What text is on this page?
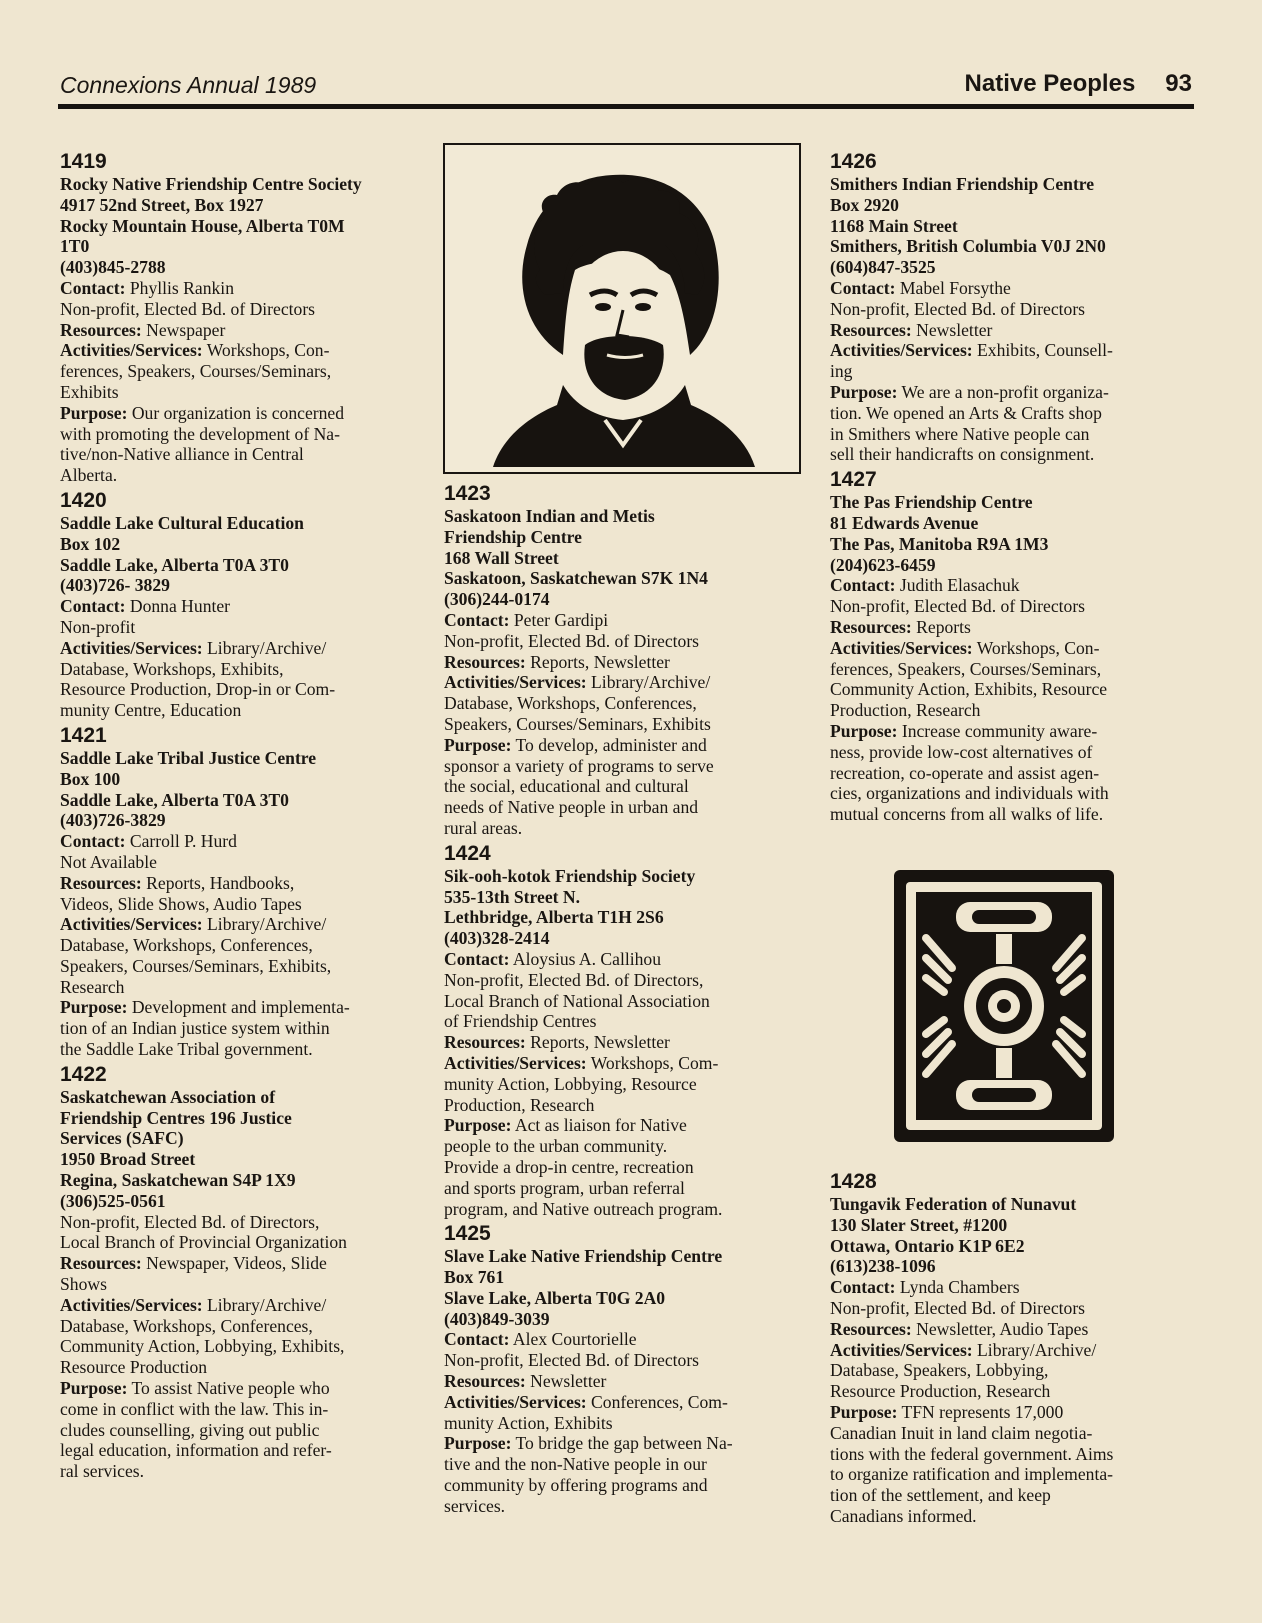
Connexions Annual 1989	Native Peoples 93
1419
Rocky Native Friendship Centre Society
4917 52nd Street, Box 1927
Rocky Mountain House, Alberta T0M
1T0
(403)845-2788
Contact: Phyllis Rankin
Non-profit, Elected Bd. of Directors
Resources: Newspaper
Activities/Services: Workshops, Con-
ferences, Speakers, Courses/Seminars,
Exhibits
Purpose: Our organization is concerned
with promoting the development of Na-
tive/non-Native alliance in Central
Alberta.
1420
Saddle Lake Cultural Education
Box 102
Saddle Lake, Alberta T0A 3T0
(403)726- 3829
Contact: Donna Hunter
Non-profit
Activities/Services: Library/Archive/
Database, Workshops, Exhibits,
Resource Production, Drop-in or Com-
munity Centre, Education
1421
Saddle Lake Tribal Justice Centre
Box 100
Saddle Lake, Alberta T0A 3T0
(403)726-3829
Contact: Carroll P. Hurd
Not Available
Resources: Reports, Handbooks,
Videos, Slide Shows, Audio Tapes
Activities/Services: Library/Archive/
Database, Workshops, Conferences,
Speakers, Courses/Seminars, Exhibits,
Research
Purpose: Development and implementa-
tion of an Indian justice system within
the Saddle Lake Tribal government.
1422
Saskatchewan Association of
Friendship Centres 196 Justice
Services (SAFC)
1950 Broad Street
Regina, Saskatchewan S4P 1X9
(306)525-0561
Non-profit, Elected Bd. of Directors,
Local Branch of Provincial Organization
Resources: Newspaper, Videos, Slide
Shows
Activities/Services: Library/Archive/
Database, Workshops, Conferences,
Community Action, Lobbying, Exhibits,
Resource Production
Purpose: To assist Native people who
come in conflict with the law. This in-
cludes counselling, giving out public
legal education, information and refer-
ral services.
1423
Saskatoon Indian and Metis
Friendship Centre
168 Wall Street
Saskatoon, Saskatchewan S7K 1N4
(306)244-0174
Contact: Peter Gardipi
Non-profit, Elected Bd. of Directors
Resources: Reports, Newsletter
Activities/Services: Library/Archive/
Database, Workshops, Conferences,
Speakers, Courses/Seminars, Exhibits
Purpose: To develop, administer and
sponsor a variety of programs to serve
the social, educational and cultural
needs of Native people in urban and
rural areas.
1424
Sik-ooh-kotok Friendship Society
535-13th Street N.
Lethbridge, Alberta T1H 2S6
(403)328-2414
Contact: Aloysius A. Callihou
Non-profit, Elected Bd. of Directors,
Local Branch of National Association
of Friendship Centres
Resources: Reports, Newsletter
Activities/Services: Workshops, Com-
munity Action, Lobbying, Resource
Production, Research
Purpose: Act as liaison for Native
people to the urban community.
Provide a drop-in centre, recreation
and sports program, urban referral
program, and Native outreach program.
1425
Slave Lake Native Friendship Centre
Box 761
Slave Lake, Alberta T0G 2A0
(403)849-3039
Contact: Alex Courtorielle
Non-profit, Elected Bd. of Directors
Resources: Newsletter
Activities/Services: Conferences, Com-
munity Action, Exhibits
Purpose: To bridge the gap between Na-
tive and the non-Native people in our
community by offering programs and
services.
1426
Smithers Indian Friendship Centre
Box 2920
1168 Main Street
Smithers, British Columbia V0J 2N0
(604)847-3525
Contact: Mabel Forsythe
Non-profit, Elected Bd. of Directors
Resources: Newsletter
Activities/Services: Exhibits, Counsell-
ing
Purpose: We are a non-profit organiza-
tion. We opened an Arts & Crafts shop
in Smithers where Native people can
sell their handicrafts on consignment.
1427
The Pas Friendship Centre
81 Edwards Avenue
The Pas, Manitoba R9A 1M3
(204)623-6459
Contact: Judith Elasachuk
Non-profit, Elected Bd. of Directors
Resources: Reports
Activities/Services: Workshops, Con-
ferences, Speakers, Courses/Seminars,
Community Action, Exhibits, Resource
Production, Research
Purpose: Increase community aware-
ness, provide low-cost alternatives of
recreation, co-operate and assist agen-
cies, organizations and individuals with
mutual concerns from all walks of life.
1428
Tungavik Federation of Nunavut
130 Slater Street, #1200
Ottawa, Ontario K1P 6E2
(613)238-1096
Contact: Lynda Chambers
Non-profit, Elected Bd. of Directors
Resources: Newsletter, Audio Tapes
Activities/Services: Library/Archive/
Database, Speakers, Lobbying,
Resource Production, Research
Purpose: TFN represents 17,000
Canadian Inuit in land claim negotia-
tions with the federal government. Aims
to organize ratification and implementa-
tion of the settlement, and keep
Canadians informed.
